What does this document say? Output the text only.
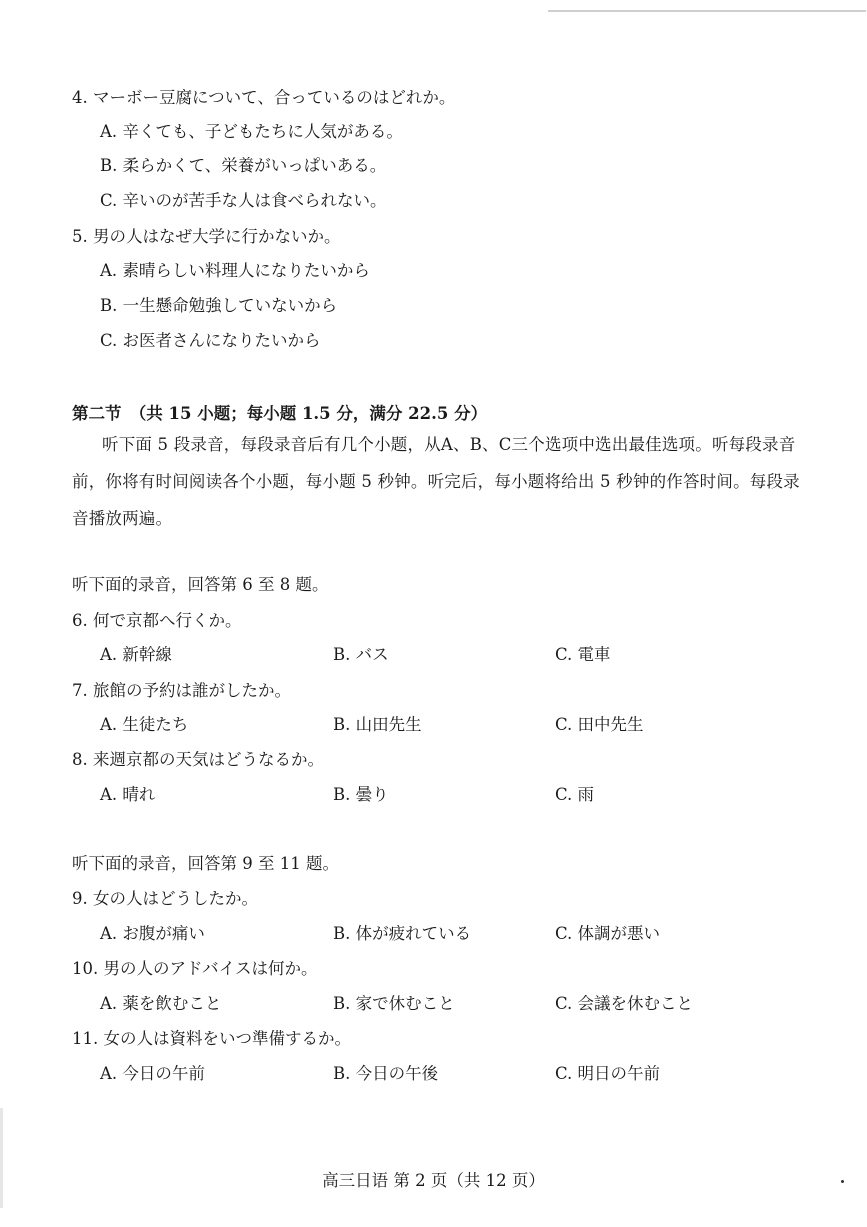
4. マーボー豆腐について、合っているのはどれか。
A. 辛くても、子どもたちに人気がある。
B. 柔らかくて、栄養がいっぱいある。
C. 辛いのが苦手な人は食べられない。
5. 男の人はなぜ大学に行かないか。
A. 素晴らしい料理人になりたいから
B. 一生懸命勉強していないから
C. お医者さんになりたいから
第二节　（共 15 小题；每小题 1.5 分，满分 22.5 分）
听下面 5 段录音，每段录音后有几个小题，从A、B、C三个选项中选出最佳选项。听每段录音前，你将有时间阅读各个小题，每小题 5 秒钟。听完后，每小题将给出 5 秒钟的作答时间。每段录音播放两遍。
听下面的录音，回答第 6 至 8 题。
6. 何で京都へ行くか。
A. 新幹線	B. バス	C. 電車
7. 旅館の予約は誰がしたか。
A. 生徒たち	B. 山田先生	C. 田中先生
8. 来週京都の天気はどうなるか。
A. 晴れ	B. 曇り	C. 雨
听下面的录音，回答第 9 至 11 题。
9. 女の人はどうしたか。
A. お腹が痛い	B. 体が疲れている	C. 体調が悪い
10. 男の人のアドバイスは何か。
A. 薬を飲むこと	B. 家で休むこと	C. 会議を休むこと
11. 女の人は資料をいつ準備するか。
A. 今日の午前	B. 今日の午後	C. 明日の午前
高三日语 第 2 页（共 12 页）
